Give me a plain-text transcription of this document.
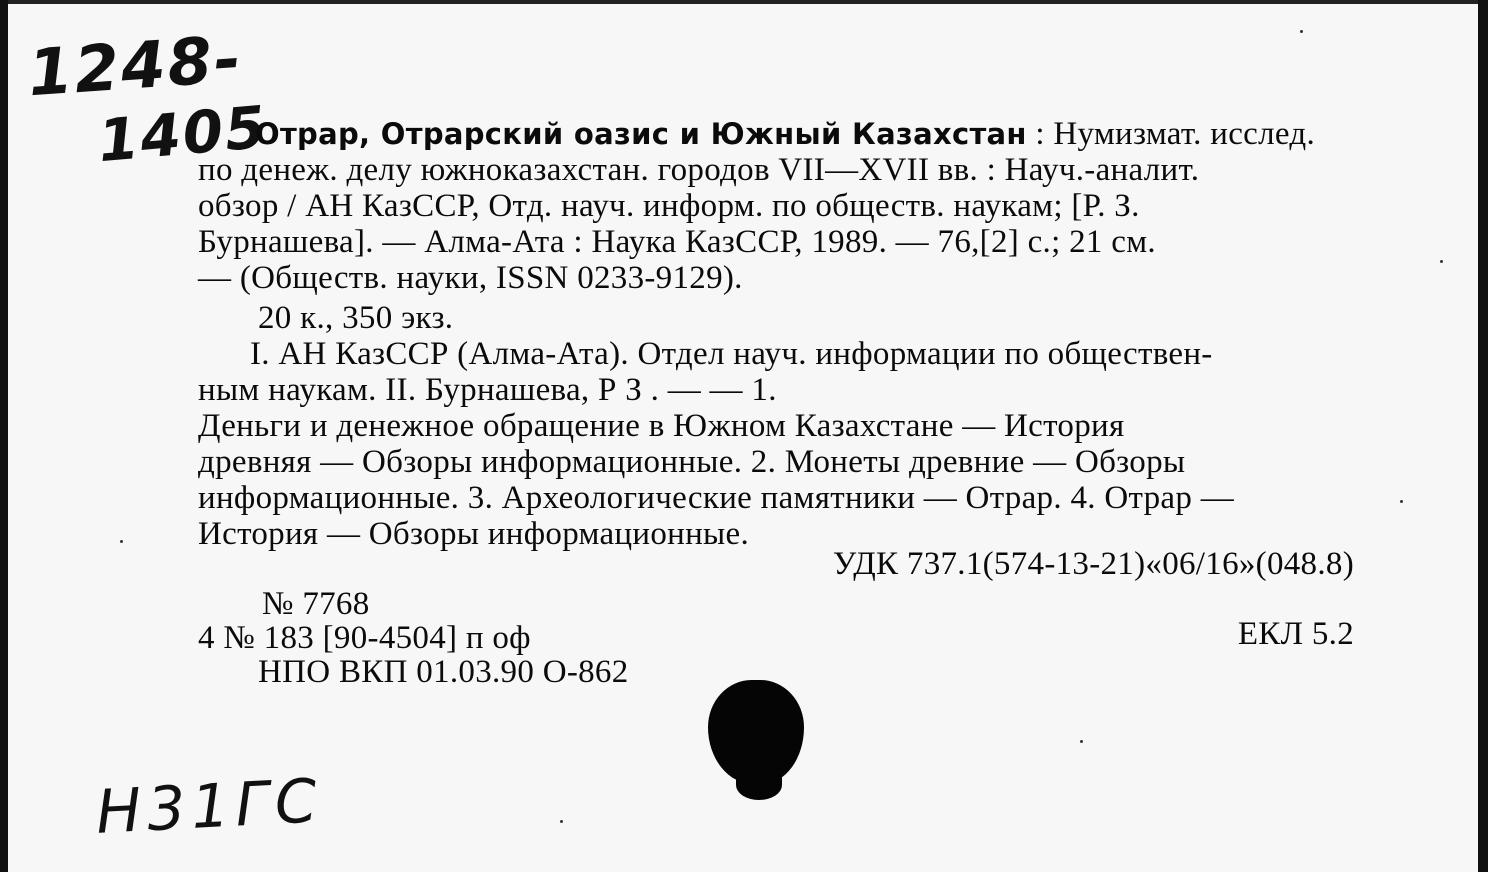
1248-
1405
Отрар, Отрарский оазис и Южный Казахстан : Нумизмат. исслед.
по денеж. делу южноказахстан. городов VII—XVII вв. : Науч.-аналит.
обзор / АН КазССР, Отд. науч. информ. по обществ. наукам; [Р. З.
Бурнашева]. — Алма-Ата : Наука КазССР, 1989. — 76,[2] с.; 21 см.
— (Обществ. науки, ISSN 0233-9129).
20 к., 350 экз.
I. АН КазССР (Алма-Ата). Отдел науч. информации по обществен-
ным наукам. II. Бурнашева, Р З . — — 1.
Деньги и денежное обращение в Южном Казахстане — История
древняя — Обзоры информационные. 2. Монеты древние — Обзоры
информационные. 3. Археологические памятники — Отрар. 4. Отрар —
История — Обзоры информационные.
УДК 737.1(574-13-21)«06/16»(048.8)
№ 7768
4 № 183 [90-4504] п оф	ЕКЛ 5.2
НПО ВКП 01.03.90 О-862
Н31ГС
